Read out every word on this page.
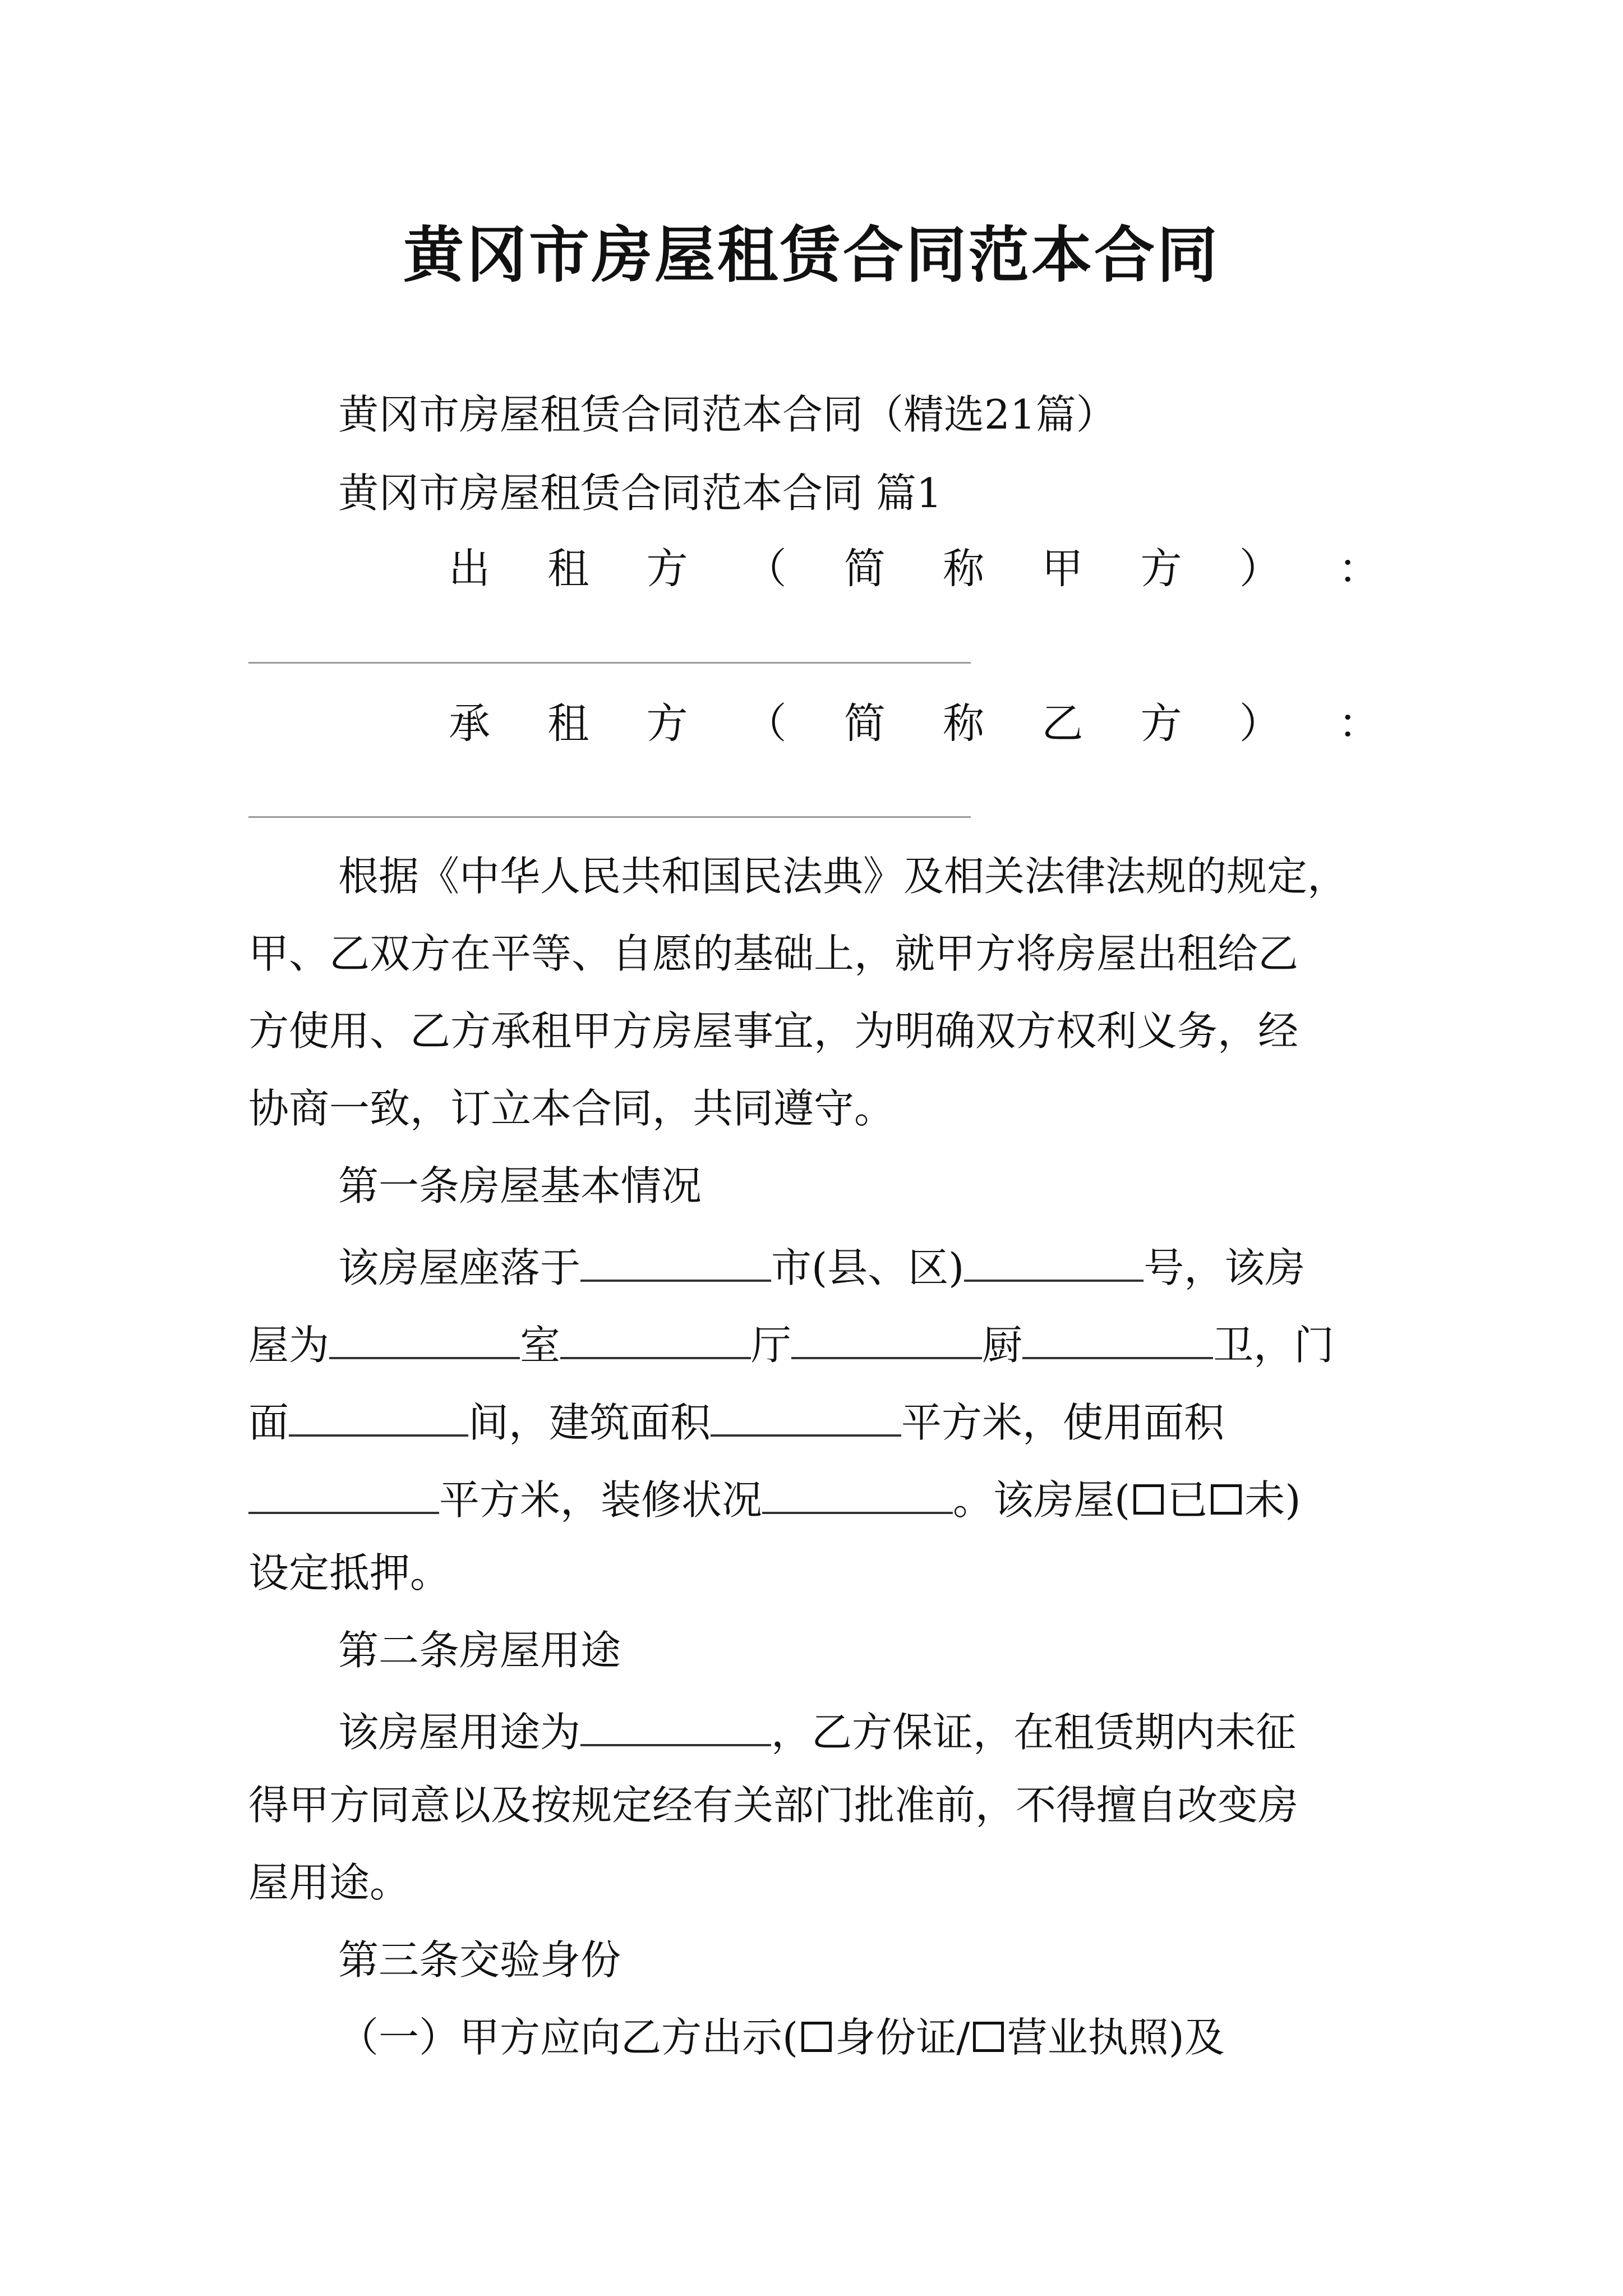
黄冈市房屋租赁合同范本合同
黄冈市房屋租赁合同范本合同（精选21篇）
黄冈市房屋租赁合同范本合同 篇1
出 租 方 （ 简 称 甲 方 ） ：
承 租 方 （ 简 称 乙 方 ） ：
根据《中华人民共和国民法典》及相关法律法规的规定，
甲、乙双方在平等、自愿的基础上，就甲方将房屋出租给乙
方使用、乙方承租甲方房屋事宜，为明确双方权利义务，经
协商一致，订立本合同，共同遵守。
第一条房屋基本情况
该房屋座落于	市(县、区)	号，该房
屋为	室	厅	厨	卫，门
面	间，建筑面积	平方米，使用面积
平方米，装修状况	。该房屋( 已 未)
设定抵押。
第二条房屋用途
该房屋用途为	，乙方保证，在租赁期内未征
得甲方同意以及按规定经有关部门批准前，不得擅自改变房
屋用途。
第三条交验身份
（一）甲方应向乙方出示( 身份证/ 营业执照)及
